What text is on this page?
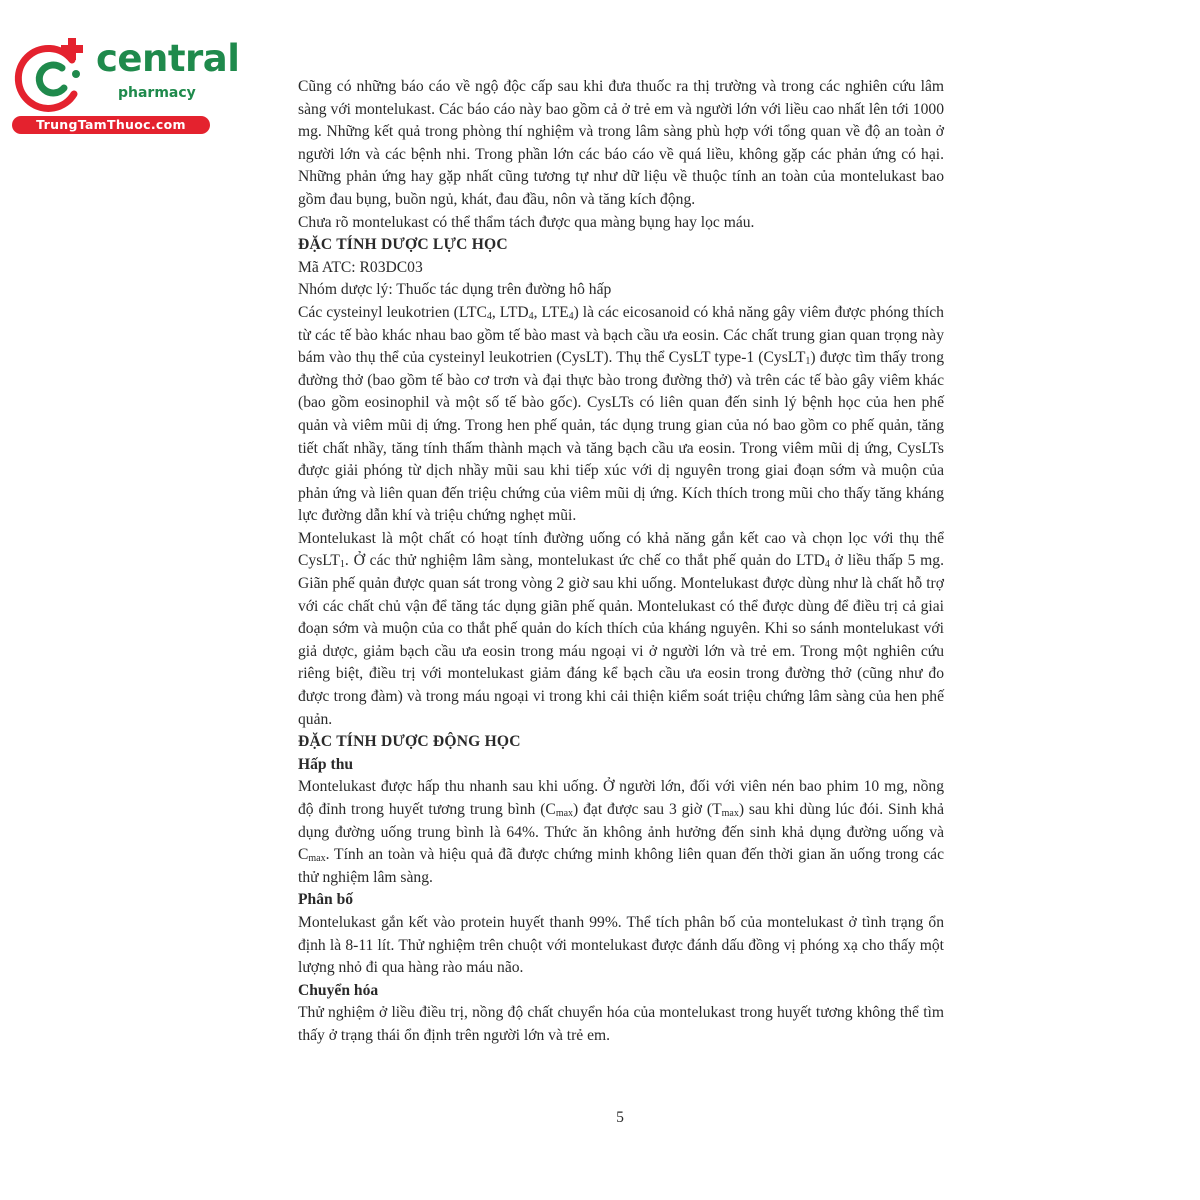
central
pharmacy
TrungTamThuoc.com

Cũng có những báo cáo về ngộ độc cấp sau khi đưa thuốc ra thị trường và trong các nghiên cứu lâm sàng với montelukast. Các báo cáo này bao gồm cả ở trẻ em và người lớn với liều cao nhất lên tới 1000 mg. Những kết quả trong phòng thí nghiệm và trong lâm sàng phù hợp với tổng quan về độ an toàn ở người lớn và các bệnh nhi. Trong phần lớn các báo cáo về quá liều, không gặp các phản ứng có hại. Những phản ứng hay gặp nhất cũng tương tự như dữ liệu về thuộc tính an toàn của montelukast bao gồm đau bụng, buồn ngủ, khát, đau đầu, nôn và tăng kích động.

Chưa rõ montelukast có thể thẩm tách được qua màng bụng hay lọc máu.

ĐẶC TÍNH DƯỢC LỰC HỌC

Mã ATC: R03DC03

Nhóm dược lý: Thuốc tác dụng trên đường hô hấp

Các cysteinyl leukotrien ($LTC_4$, $LTD_4$, $LTE_4$) là các eicosanoid có khả năng gây viêm được phóng thích từ các tế bào khác nhau bao gồm tế bào mast và bạch cầu ưa eosin. Các chất trung gian quan trọng này bám vào thụ thể của cysteinyl leukotrien (CysLT). Thụ thể CysLT type-1 (CysLT$_1$) được tìm thấy trong đường thở (bao gồm tế bào cơ trơn và đại thực bào trong đường thở) và trên các tế bào gây viêm khác (bao gồm eosinophil và một số tế bào gốc). CysLTs có liên quan đến sinh lý bệnh học của hen phế quản và viêm mũi dị ứng. Trong hen phế quản, tác dụng trung gian của nó bao gồm co phế quản, tăng tiết chất nhầy, tăng tính thấm thành mạch và tăng bạch cầu ưa eosin. Trong viêm mũi dị ứng, CysLTs được giải phóng từ dịch nhầy mũi sau khi tiếp xúc với dị nguyên trong giai đoạn sớm và muộn của phản ứng và liên quan đến triệu chứng của viêm mũi dị ứng. Kích thích trong mũi cho thấy tăng kháng lực đường dẫn khí và triệu chứng nghẹt mũi.

Montelukast là một chất có hoạt tính đường uống có khả năng gắn kết cao và chọn lọc với thụ thể CysLT$_1$. Ở các thử nghiệm lâm sàng, montelukast ức chế co thắt phế quản do $LTD_4$ ở liều thấp 5 mg. Giãn phế quản được quan sát trong vòng 2 giờ sau khi uống. Montelukast được dùng như là chất hỗ trợ với các chất chủ vận để tăng tác dụng giãn phế quản. Montelukast có thể được dùng để điều trị cả giai đoạn sớm và muộn của co thắt phế quản do kích thích của kháng nguyên. Khi so sánh montelukast với giả dược, giảm bạch cầu ưa eosin trong máu ngoại vi ở người lớn và trẻ em. Trong một nghiên cứu riêng biệt, điều trị với montelukast giảm đáng kể bạch cầu ưa eosin trong đường thở (cũng như đo được trong đàm) và trong máu ngoại vi trong khi cải thiện kiểm soát triệu chứng lâm sàng của hen phế quản.

ĐẶC TÍNH DƯỢC ĐỘNG HỌC
Hấp thu

Montelukast được hấp thu nhanh sau khi uống. Ở người lớn, đối với viên nén bao phim 10 mg, nồng độ đỉnh trong huyết tương trung bình $(C_{max})$ đạt được sau 3 giờ $(T_{max})$ sau khi dùng lúc đói. Sinh khả dụng đường uống trung bình là 64%. Thức ăn không ảnh hưởng đến sinh khả dụng đường uống và $C_{max}$. Tính an toàn và hiệu quả đã được chứng minh không liên quan đến thời gian ăn uống trong các thử nghiệm lâm sàng.

Phân bố

Montelukast gắn kết vào protein huyết thanh 99%. Thể tích phân bố của montelukast ở tình trạng ổn định là 8-11 lít. Thử nghiệm trên chuột với montelukast được đánh dấu đồng vị phóng xạ cho thấy một lượng nhỏ đi qua hàng rào máu não.

Chuyển hóa

Thử nghiệm ở liều điều trị, nồng độ chất chuyển hóa của montelukast trong huyết tương không thể tìm thấy ở trạng thái ổn định trên người lớn và trẻ em.

5
